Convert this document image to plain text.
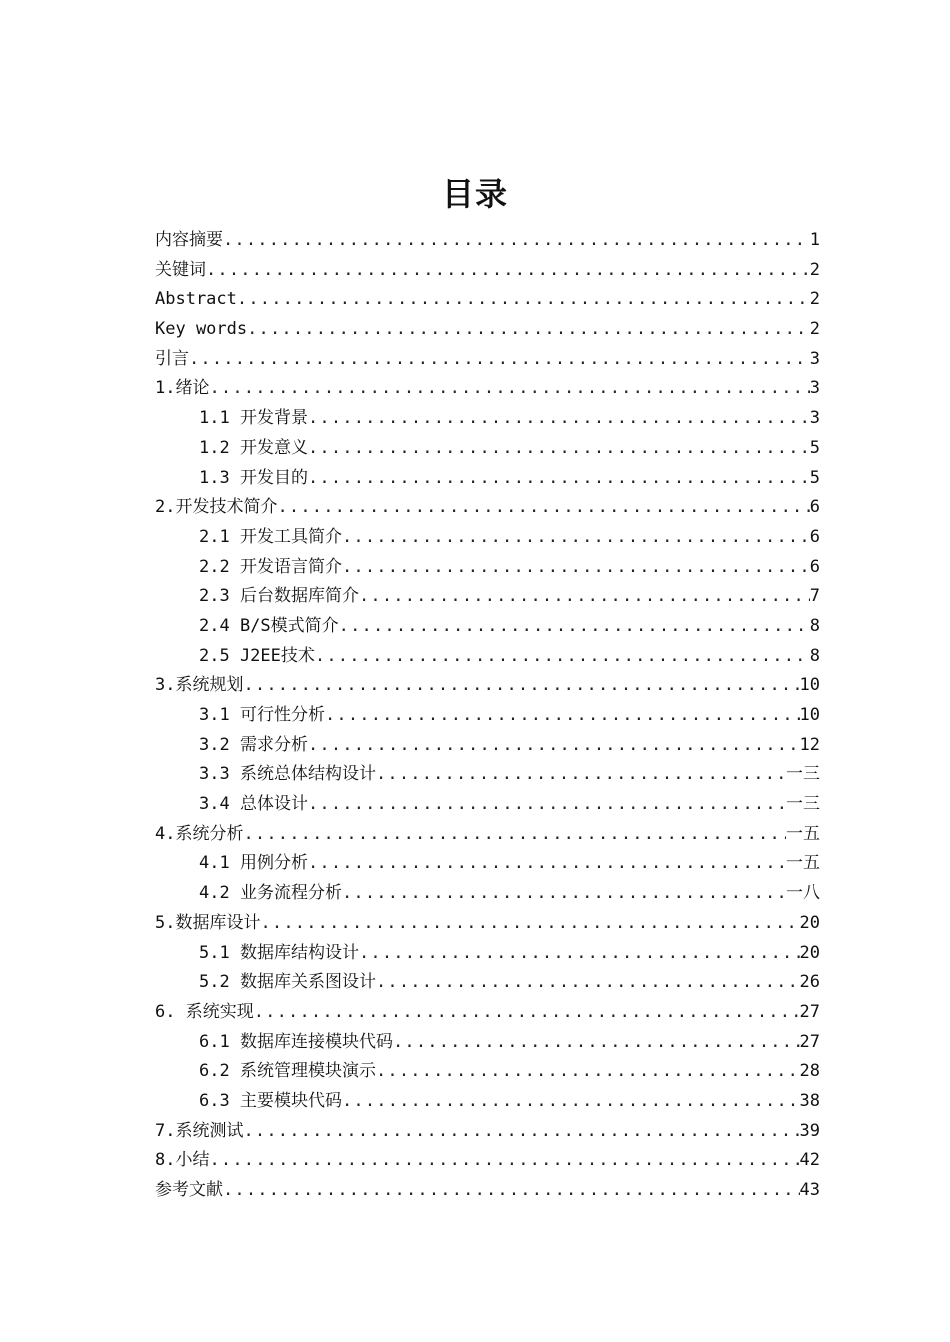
目录
内容摘要 .....	1
关键词 .....	2
Abstract .....	2
Key words .....	2
引言 .....	3
1.绪论 .....	3
1.1 开发背景 .....	3
1.2 开发意义 .....	5
1.3 开发目的 .....	5
2.开发技术简介 .....	6
2.1 开发工具简介 .....	6
2.2 开发语言简介 .....	6
2.3 后台数据库简介 .....	7
2.4 B/S模式简介 .....	8
2.5 J2EE技术 .....	8
3.系统规划 .....	10
3.1 可行性分析 .....	10
3.2 需求分析 .....	12
3.3 系统总体结构设计 .....	一三
3.4 总体设计 .....	一三
4.系统分析 .....	一五
4.1 用例分析 .....	一五
4.2 业务流程分析 .....	一八
5.数据库设计 .....	20
5.1 数据库结构设计 .....	20
5.2 数据库关系图设计 .....	26
6. 系统实现 .....	27
6.1 数据库连接模块代码 .....	27
6.2 系统管理模块演示 .....	28
6.3 主要模块代码 .....	38
7.系统测试 .....	39
8.小结 .....	42
参考文献 .....	43
